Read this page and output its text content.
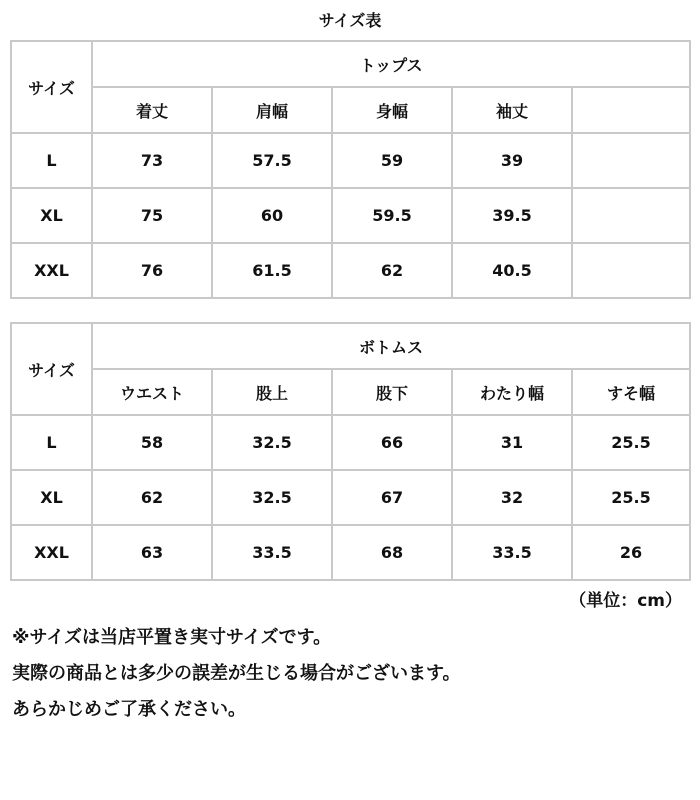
サイズ表
サイズ	トップス				
	着丈	肩幅	身幅	袖丈	
L	73	57.5	59	39	
XL	75	60	59.5	39.5	
XXL	76	61.5	62	40.5	
サイズ	ボトムス				
	ウエスト	股上	股下	わたり幅	すそ幅
L	58	32.5	66	31	25.5
XL	62	32.5	67	32	25.5
XXL	63	33.5	68	33.5	26
（単位：cm）
※サイズは当店平置き実寸サイズです。
実際の商品とは多少の誤差が生じる場合がございます。
あらかじめご了承ください。
